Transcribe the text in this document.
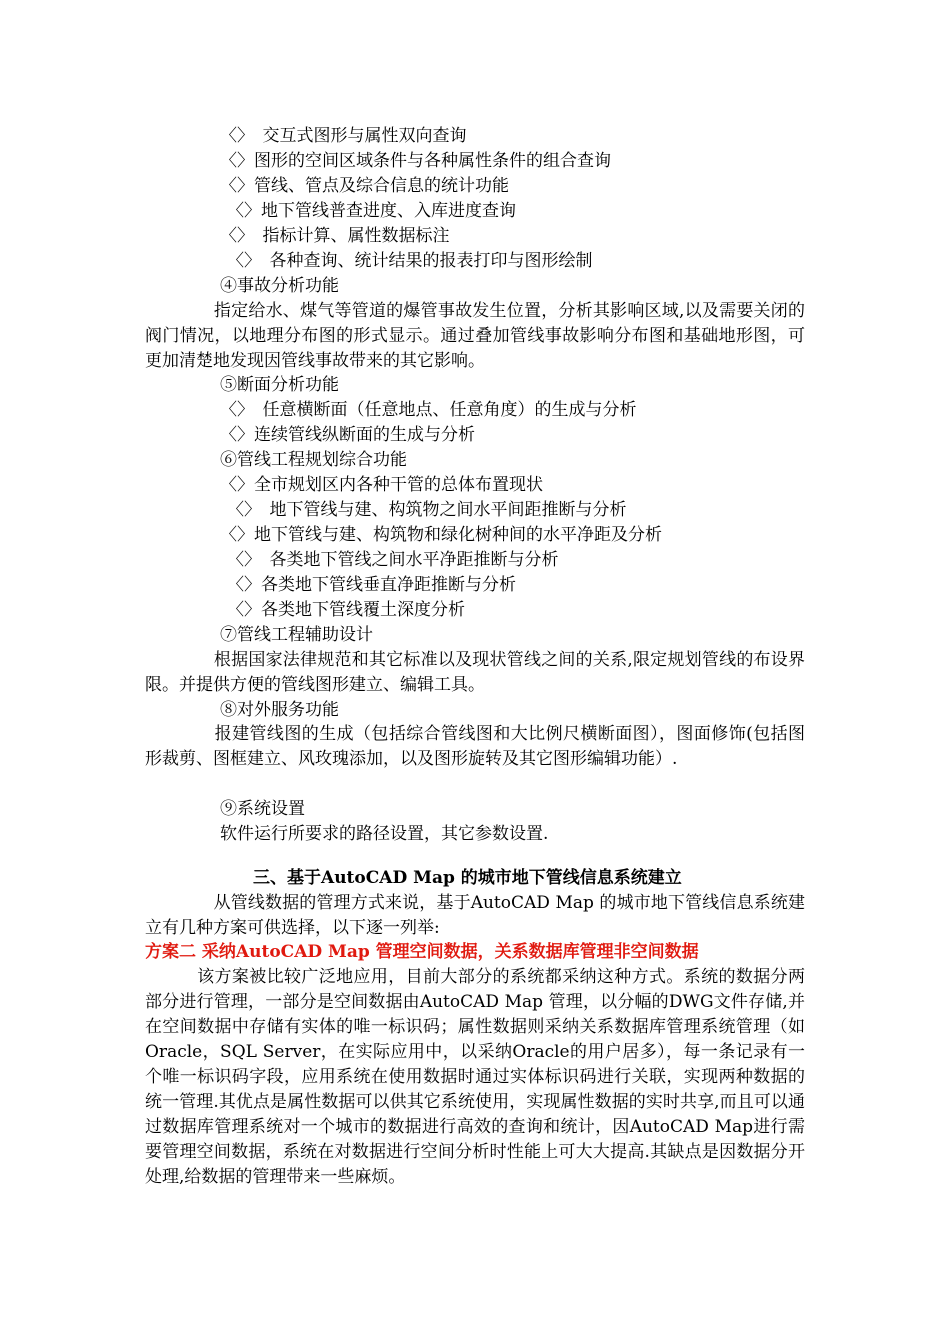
〈〉　交互式图形与属性双向查询
〈〉图形的空间区域条件与各种属性条件的组合查询
〈〉管线、管点及综合信息的统计功能
〈〉地下管线普查进度、入库进度查询
〈〉　指标计算、属性数据标注
〈〉　各种查询、统计结果的报表打印与图形绘制
④事故分析功能
　　　　指定给水、煤气等管道的爆管事故发生位置，分析其影响区域,以及需要关闭的阀门情况，以地理分布图的形式显示。通过叠加管线事故影响分布图和基础地形图，可更加清楚地发现因管线事故带来的其它影响。
⑤断面分析功能
〈〉　任意横断面（任意地点、任意角度）的生成与分析
〈〉连续管线纵断面的生成与分析
⑥管线工程规划综合功能
〈〉全市规划区内各种干管的总体布置现状
〈〉　地下管线与建、构筑物之间水平间距推断与分析
〈〉地下管线与建、构筑物和绿化树种间的水平净距及分析
〈〉　各类地下管线之间水平净距推断与分析
〈〉各类地下管线垂直净距推断与分析
〈〉各类地下管线覆土深度分析
⑦管线工程辅助设计
　　　　根据国家法律规范和其它标准以及现状管线之间的关系,限定规划管线的布设界限。并提供方便的管线图形建立、编辑工具。
⑧对外服务功能
　　　　报建管线图的生成（包括综合管线图和大比例尺横断面图），图面修饰(包括图形裁剪、图框建立、风玫瑰添加，以及图形旋转及其它图形编辑功能）.
⑨系统设置
软件运行所要求的路径设置，其它参数设置.
三、基于AutoCAD Map 的城市地下管线信息系统建立
　　　　从管线数据的管理方式来说，基于AutoCAD Map 的城市地下管线信息系统建立有几种方案可供选择，以下逐一列举:
方案二 采纳AutoCAD Map 管理空间数据，关系数据库管理非空间数据
　　　该方案被比较广泛地应用，目前大部分的系统都采纳这种方式。系统的数据分两部分进行管理，一部分是空间数据由AutoCAD Map 管理，以分幅的DWG文件存储,并在空间数据中存储有实体的唯一标识码；属性数据则采纳关系数据库管理系统管理（如Oracle，SQL Server，在实际应用中，以采纳Oracle的用户居多），每一条记录有一个唯一标识码字段，应用系统在使用数据时通过实体标识码进行关联，实现两种数据的统一管理.其优点是属性数据可以供其它系统使用，实现属性数据的实时共享,而且可以通过数据库管理系统对一个城市的数据进行高效的查询和统计，因AutoCAD Map进行需要管理空间数据，系统在对数据进行空间分析时性能上可大大提高.其缺点是因数据分开处理,给数据的管理带来一些麻烦。
